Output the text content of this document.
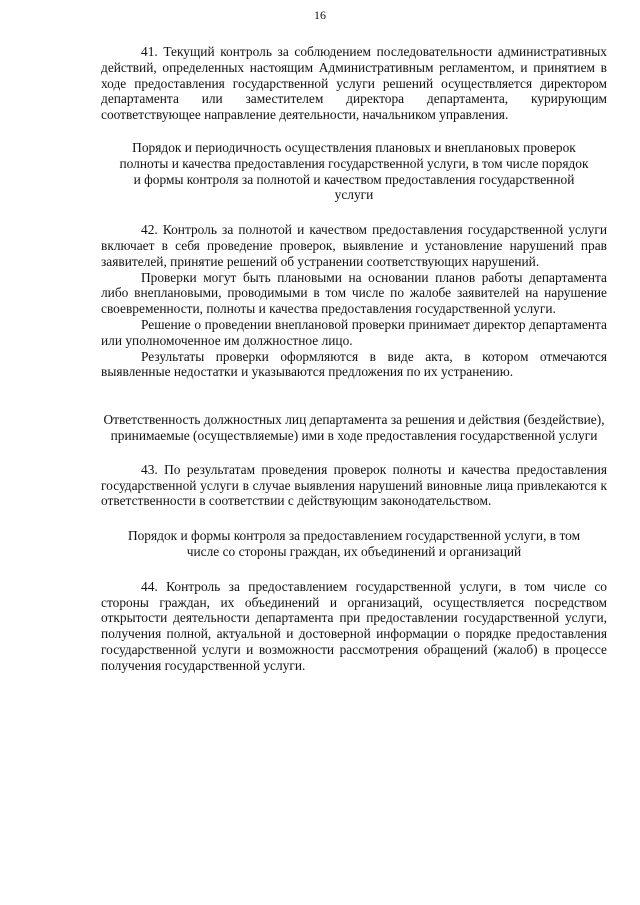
16

41. Текущий контроль за соблюдением последовательности административных действий, определенных настоящим Административным регламентом, и принятием в ходе предоставления государственной услуги решений осуществляется директором департамента или заместителем директора департамента, курирующим соответствующее направление деятельности, начальником управления.

Порядок и периодичность осуществления плановых и внеплановых проверок полноты и качества предоставления государственной услуги, в том числе порядок и формы контроля за полнотой и качеством предоставления государственной услуги

42. Контроль за полнотой и качеством предоставления государственной услуги включает в себя проведение проверок, выявление и установление нарушений прав заявителей, принятие решений об устранении соответствующих нарушений.

Проверки могут быть плановыми на основании планов работы департамента либо внеплановыми, проводимыми в том числе по жалобе заявителей на нарушение своевременности, полноты и качества предоставления государственной услуги.

Решение о проведении внеплановой проверки принимает директор департамента или уполномоченное им должностное лицо.

Результаты проверки оформляются в виде акта, в котором отмечаются выявленные недостатки и указываются предложения по их устранению.

Ответственность должностных лиц департамента за решения и действия (бездействие), принимаемые (осуществляемые) ими в ходе предоставления государственной услуги

43. По результатам проведения проверок полноты и качества предоставления государственной услуги в случае выявления нарушений виновные лица привлекаются к ответственности в соответствии с действующим законодательством.

Порядок и формы контроля за предоставлением государственной услуги, в том числе со стороны граждан, их объединений и организаций

44. Контроль за предоставлением государственной услуги, в том числе со стороны граждан, их объединений и организаций, осуществляется посредством открытости деятельности департамента при предоставлении государственной услуги, получения полной, актуальной и достоверной информации о порядке предоставления государственной услуги и возможности рассмотрения обращений (жалоб) в процессе получения государственной услуги.
